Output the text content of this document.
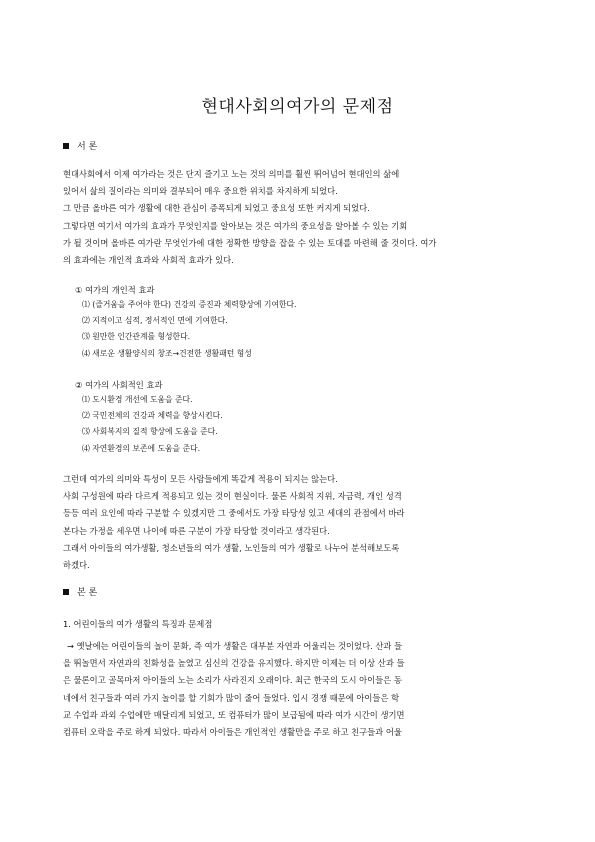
현대사회의여가의 문제점
서 론
현대사회에서 이제 여가라는 것은 단지 즐기고 노는 것의 의미를 훨씬 뛰어넘어 현대인의 삶에
있어서 삶의 질이라는 의미와 결부되어 매우 중요한 위치를 차지하게 되었다.
그 만큼 올바른 여가 생활에 대한 관심이 증폭되게 되었고 중요성 또한 커지게 되었다.
그렇다면 여기서 여가의 효과가 무엇인지를 알아보는 것은 여가의 중요성을 알아볼 수 있는 기회
가 될 것이며 올바른 여가란 무엇인가에 대한 정확한 방향을 잡을 수 있는 토대를 마련해 줄 것이다. 여가
의 효과에는 개인적 효과와 사회적 효과가 있다.
① 여가의 개인적 효과
⑴ (즐거움을 주어야 한다) 건강의 증진과 체력향상에 기여한다.
⑵ 지적이고 심적, 정서적인 면에 기여한다.
⑶ 원만한 인간관계를 형성한다.
⑷ 새로운 생활양식의 창조→건전한 생활패턴 형성
② 여가의 사회적인 효과
⑴ 도시환경 개선에 도움을 준다.
⑵ 국민전체의 건강과 체력을 향상시킨다.
⑶ 사회복지의 질적 향상에 도움을 준다.
⑷ 자연환경의 보존에 도움을 준다.
그런데 여가의 의미와 특성이 모든 사람들에게 똑같게 적용이 되지는 않는다.
사회 구성원에 따라 다르게 적용되고 있는 것이 현실이다. 물론 사회적 지위, 자금력, 개인 성격
등등 여러 요인에 따라 구분할 수 있겠지만 그 중에서도 가장 타당성 있고 세대의 관점에서 바라
본다는 가정을 세우면 나이에 따른 구분이 가장 타당할 것이라고 생각된다.
그래서 아이들의 여가생활, 청소년들의 여가 생활, 노인들의 여가 생활로 나누어 분석해보도록
하겠다.
본 론
1. 어린이들의 여가 생활의 특징과 문제점
→ 옛날에는 어린이들의 놀이 문화, 즉 여가 생활은 대부분 자연과 어울리는 것이었다. 산과 들
을 뛰놀면서 자연과의 친화성을 높였고 심신의 건강을 유지했다. 하지만 이제는 더 이상 산과 들
은 물론이고 골목마저 아이들의 노는 소리가 사라진지 오래이다. 최근 한국의 도시 아이들은 동
네에서 친구들과 여러 가지 놀이를 할 기회가 많이 줄어 들었다. 입시 경쟁 때문에 아이들은 학
교 수업과 과외 수업에만 매달리게 되었고, 또 컴퓨터가 많이 보급됨에 따라 여가 시간이 생기면
컴퓨터 오락을 주로 하게 되었다. 따라서 아이들은 개인적인 생활만을 주로 하고 친구들과 어울
